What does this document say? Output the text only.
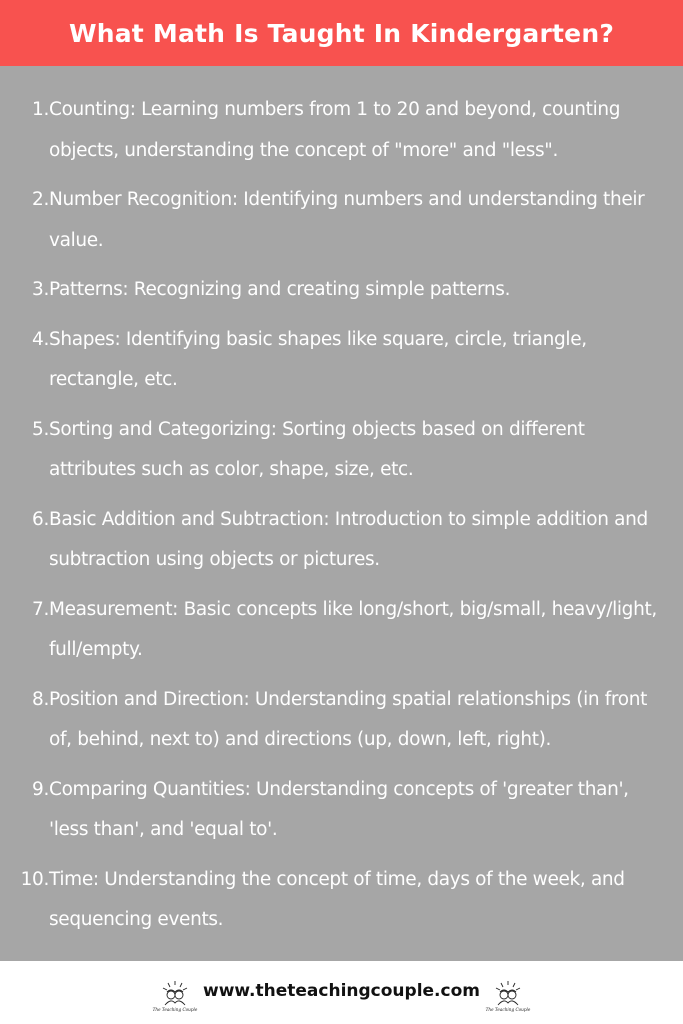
What Math Is Taught In Kindergarten?
1. Counting: Learning numbers from 1 to 20 and beyond, counting objects, understanding the concept of "more" and "less".
2. Number Recognition: Identifying numbers and understanding their value.
3. Patterns: Recognizing and creating simple patterns.
4. Shapes: Identifying basic shapes like square, circle, triangle, rectangle, etc.
5. Sorting and Categorizing: Sorting objects based on different attributes such as color, shape, size, etc.
6. Basic Addition and Subtraction: Introduction to simple addition and subtraction using objects or pictures.
7. Measurement: Basic concepts like long/short, big/small, heavy/light, full/empty.
8. Position and Direction: Understanding spatial relationships (in front of, behind, next to) and directions (up, down, left, right).
9. Comparing Quantities: Understanding concepts of 'greater than', 'less than', and 'equal to'.
10. Time: Understanding the concept of time, days of the week, and sequencing events.
The Teaching Couple
www.theteachingcouple.com
The Teaching Couple
